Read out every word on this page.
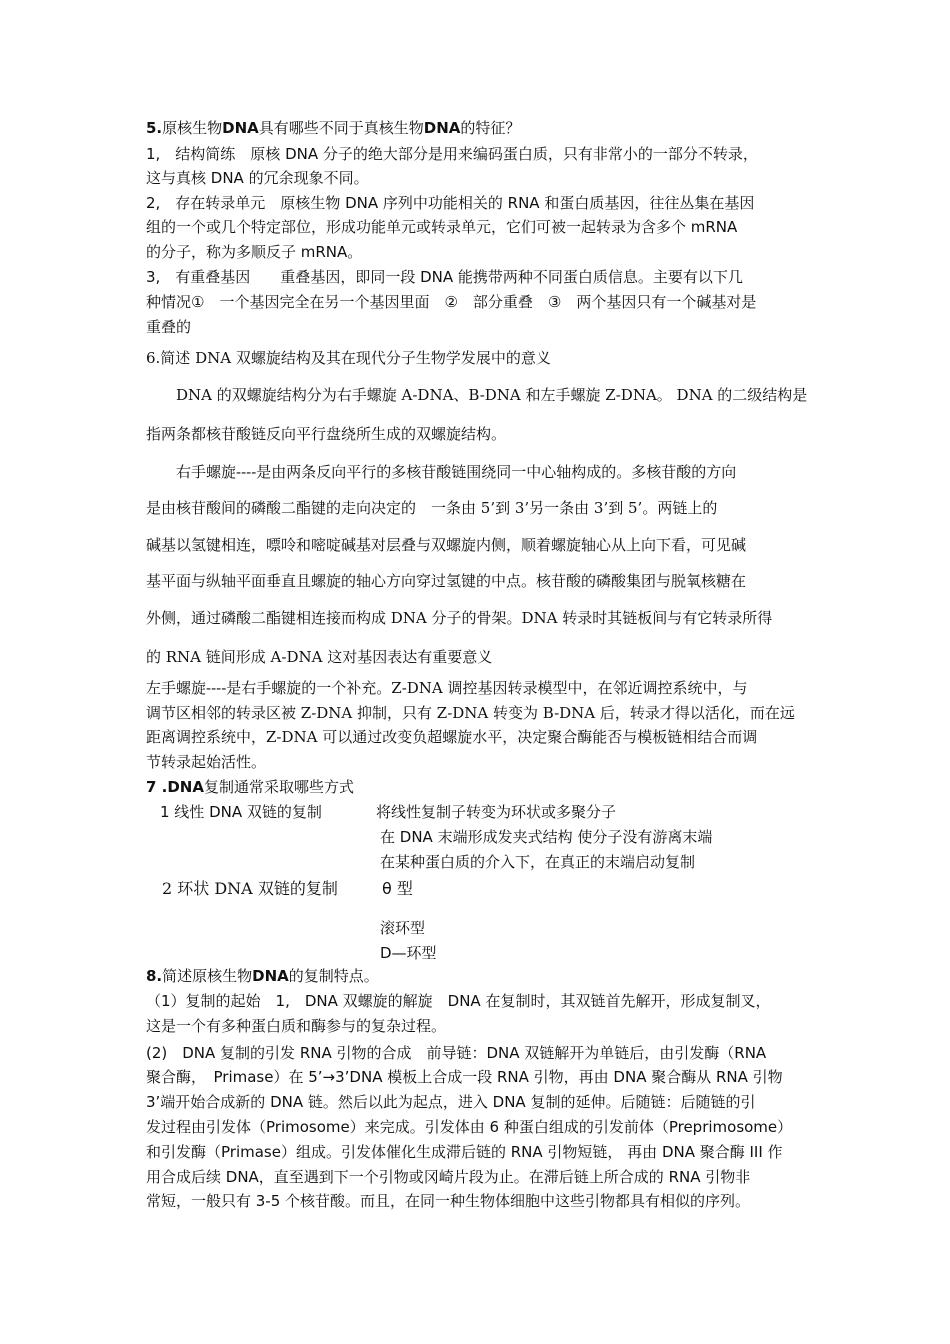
5.原核生物DNA具有哪些不同于真核生物DNA的特征？
1,　结构简练　原核 DNA 分子的绝大部分是用来编码蛋白质，只有非常小的一部分不转录，
这与真核 DNA 的冗余现象不同。
2,　存在转录单元　原核生物 DNA 序列中功能相关的 RNA 和蛋白质基因，往往丛集在基因
组的一个或几个特定部位，形成功能单元或转录单元，它们可被一起转录为含多个 mRNA
的分子，称为多顺反子 mRNA。
3,　有重叠基因　　重叠基因，即同一段 DNA 能携带两种不同蛋白质信息。主要有以下几
种情况①　一个基因完全在另一个基因里面　②　部分重叠　③　两个基因只有一个碱基对是
重叠的
6.简述 DNA 双螺旋结构及其在现代分子生物学发展中的意义
　　DNA 的双螺旋结构分为右手螺旋 A-DNA、B-DNA 和左手螺旋 Z-DNA。 DNA 的二级结构是
指两条都核苷酸链反向平行盘绕所生成的双螺旋结构。
　　右手螺旋----是由两条反向平行的多核苷酸链围绕同一中心轴构成的。多核苷酸的方向
是由核苷酸间的磷酸二酯键的走向决定的　一条由 5’到 3’另一条由 3’到 5’。两链上的
碱基以氢键相连，嘌呤和嘧啶碱基对层叠与双螺旋内侧，顺着螺旋轴心从上向下看，可见碱
基平面与纵轴平面垂直且螺旋的轴心方向穿过氢键的中点。核苷酸的磷酸集团与脱氧核糖在
外侧，通过磷酸二酯键相连接而构成 DNA 分子的骨架。DNA 转录时其链板间与有它转录所得
的 RNA 链间形成 A-DNA 这对基因表达有重要意义
左手螺旋----是右手螺旋的一个补充。Z-DNA 调控基因转录模型中，在邻近调控系统中，与
调节区相邻的转录区被 Z-DNA 抑制，只有 Z-DNA 转变为 B-DNA 后，转录才得以活化，而在远
距离调控系统中，Z-DNA 可以通过改变负超螺旋水平，决定聚合酶能否与模板链相结合而调
节转录起始活性。
7 .DNA复制通常采取哪些方式
1 线性 DNA 双链的复制	将线性复制子转变为环状或多聚分子
在 DNA 末端形成发夹式结构 使分子没有游离末端
在某种蛋白质的介入下，在真正的末端启动复制
2 环状 DNA 双链的复制	θ 型
滚环型
D—环型
8.简述原核生物DNA的复制特点。
（1）复制的起始　1,　DNA 双螺旋的解旋　DNA 在复制时，其双链首先解开，形成复制叉，
这是一个有多种蛋白质和酶参与的复杂过程。
(2)　DNA 复制的引发 RNA 引物的合成　前导链：DNA 双链解开为单链后，由引发酶（RNA
聚合酶，　Primase）在 5’→3’DNA 模板上合成一段 RNA 引物，再由 DNA 聚合酶从 RNA 引物
3’端开始合成新的 DNA 链。然后以此为起点，进入 DNA 复制的延伸。后随链：后随链的引
发过程由引发体（Primosome）来完成。引发体由 6 种蛋白组成的引发前体（Preprimosome）
和引发酶（Primase）组成。引发体催化生成滞后链的 RNA 引物短链， 再由 DNA 聚合酶 III 作
用合成后续 DNA，直至遇到下一个引物或冈崎片段为止。在滞后链上所合成的 RNA 引物非
常短，一般只有 3-5 个核苷酸。而且，在同一种生物体细胞中这些引物都具有相似的序列。
